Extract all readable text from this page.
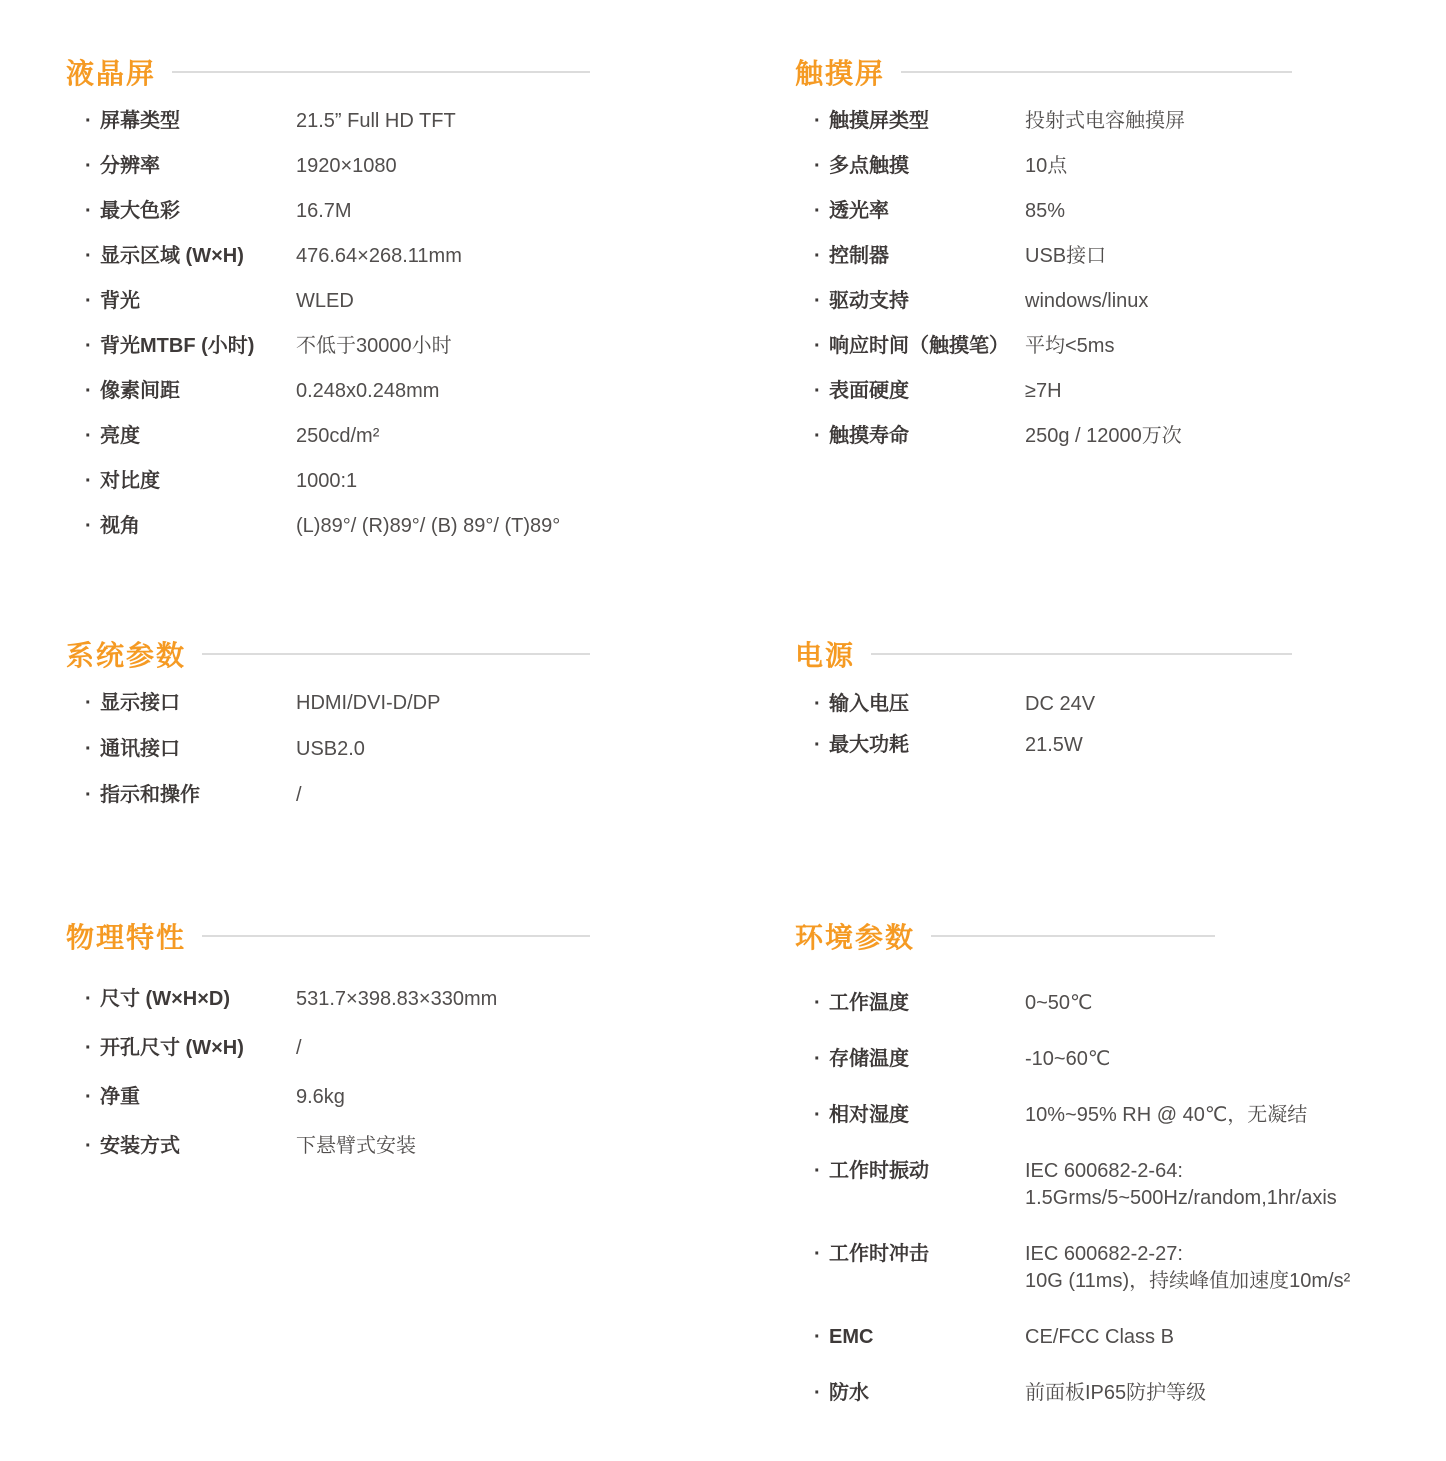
液晶屏
· 屏幕类型	21.5” Full HD TFT
· 分辨率	1920×1080
· 最大色彩	16.7M
· 显示区域 (W×H)	476.64×268.11mm
· 背光	WLED
· 背光MTBF (小时)	不低于30000小时
· 像素间距	0.248x0.248mm
· 亮度	250cd/m²
· 对比度	1000:1
· 视角	(L)89°/ (R)89°/ (B) 89°/ (T)89°
触摸屏
· 触摸屏类型	投射式电容触摸屏
· 多点触摸	10点
· 透光率	85%
· 控制器	USB接口
· 驱动支持	windows/linux
· 响应时间（触摸笔） 平均<5ms
· 表面硬度	≥7H
· 触摸寿命	250g / 12000万次
系统参数
· 显示接口	HDMI/DVI-D/DP
· 通讯接口	USB2.0
· 指示和操作	/
电源
· 输入电压	DC 24V
· 最大功耗	21.5W
物理特性
· 尺寸 (W×H×D)	531.7×398.83×330mm
· 开孔尺寸 (W×H)	/
· 净重	9.6kg
· 安装方式	下悬臂式安装
环境参数
· 工作温度	0~50℃
· 存储温度	-10~60℃
· 相对湿度	10%~95% RH @ 40℃，无凝结
· 工作时振动	IEC 600682-2-64:
1.5Grms/5~500Hz/random,1hr/axis
· 工作时冲击	IEC 600682-2-27:
10G (11ms)，持续峰值加速度10m/s²
· EMC	CE/FCC Class B
· 防水	前面板IP65防护等级
